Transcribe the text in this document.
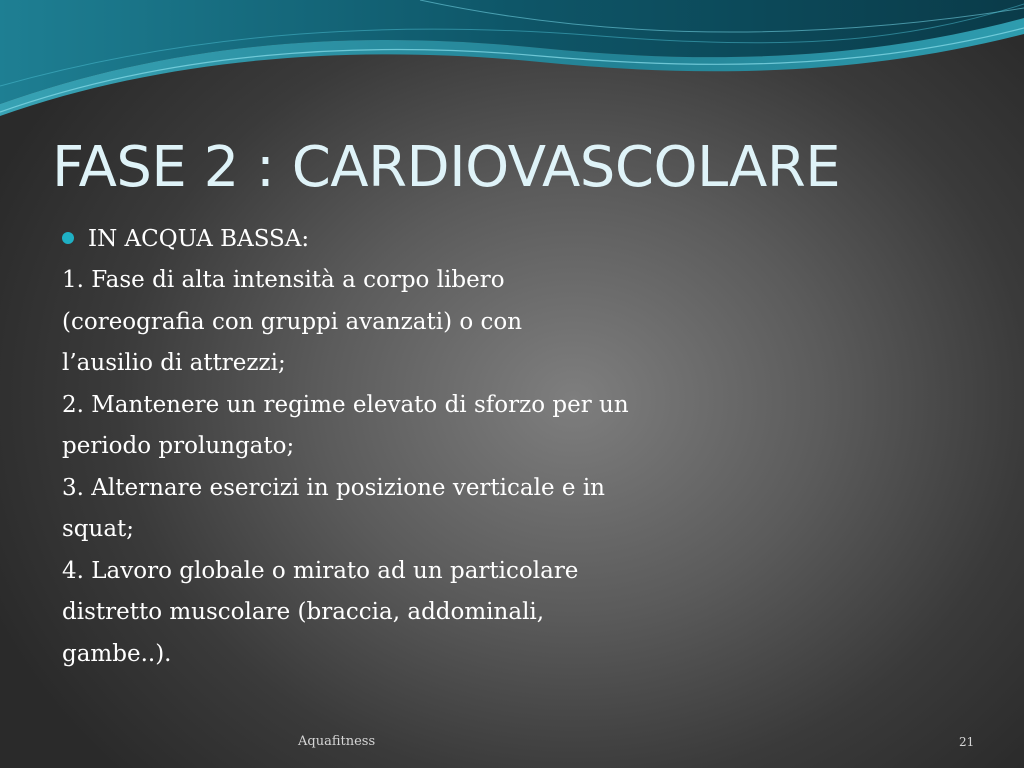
FASE 2 : CARDIOVASCOLARE
IN ACQUA BASSA:
1. Fase di alta intensità a corpo libero
(coreografia con gruppi avanzati) o con
l’ausilio di attrezzi;
2. Mantenere un regime elevato di sforzo per un
periodo prolungato;
3. Alternare esercizi in posizione verticale e in
squat;
4. Lavoro globale o mirato ad un particolare
distretto muscolare (braccia, addominali,
gambe..).
Aquafitness	21
